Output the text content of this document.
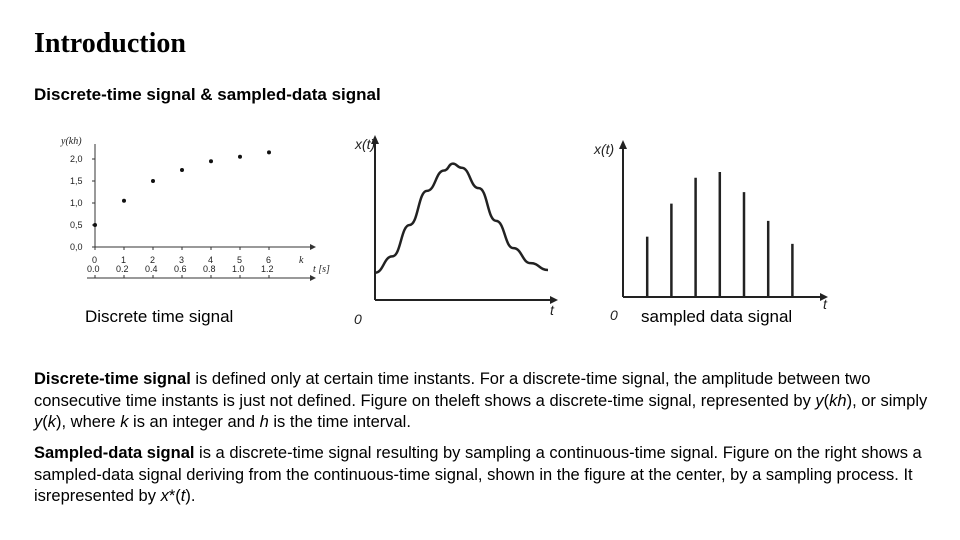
Introduction

Discrete-time signal & sampled-data signal

y(kh)
0,0
0,5
1,0
1,5
2,0
0	1	2	3	4	5	6	k
0.0 0.2 0.4 0.6 0.8 1.0 1.2	t [s]
x(t)
t
0
x(t)
t
0
Discrete time signal	sampled data signal

Discrete-time signal is defined only at certain time instants. For a discrete-time signal, the amplitude between two consecutive time instants is just not defined. Figure on theleft shows a discrete-time signal, represented by y(kh), or simply y(k), where k is an integer and h is the time interval.

Sampled-data signal is a discrete-time signal resulting by sampling a continuous-time signal. Figure on the right shows a sampled-data signal deriving from the continuous-time signal, shown in the figure at the center, by a sampling process. It isrepresented by x*(t).
